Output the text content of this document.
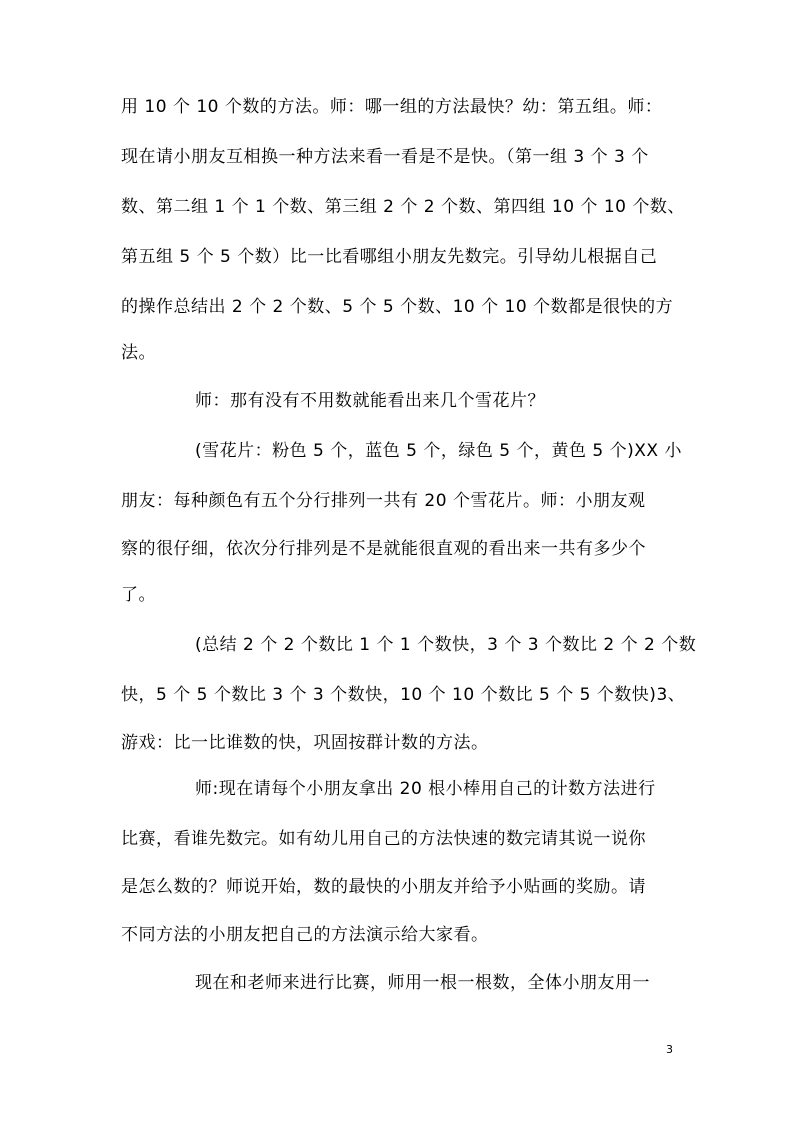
用 10 个 10 个数的方法。师：哪一组的方法最快？幼：第五组。师：
现在请小朋友互相换一种方法来看一看是不是快。（第一组 3 个 3 个
数、第二组 1 个 1 个数、第三组 2 个 2 个数、第四组 10 个 10 个数、
第五组 5 个 5 个数）比一比看哪组小朋友先数完。引导幼儿根据自己
的操作总结出 2 个 2 个数、5 个 5 个数、10 个 10 个数都是很快的方
法。
师：那有没有不用数就能看出来几个雪花片？
(雪花片：粉色 5 个，蓝色 5 个，绿色 5 个，黄色 5 个)XX 小
朋友：每种颜色有五个分行排列一共有 20 个雪花片。师：小朋友观
察的很仔细，依次分行排列是不是就能很直观的看出来一共有多少个
了。
(总结 2 个 2 个数比 1 个 1 个数快，3 个 3 个数比 2 个 2 个数
快，5 个 5 个数比 3 个 3 个数快，10 个 10 个数比 5 个 5 个数快)3、
游戏：比一比谁数的快，巩固按群计数的方法。
师:现在请每个小朋友拿出 20 根小棒用自己的计数方法进行
比赛，看谁先数完。如有幼儿用自己的方法快速的数完请其说一说你
是怎么数的？师说开始，数的最快的小朋友并给予小贴画的奖励。请
不同方法的小朋友把自己的方法演示给大家看。
现在和老师来进行比赛，师用一根一根数，全体小朋友用一
3
